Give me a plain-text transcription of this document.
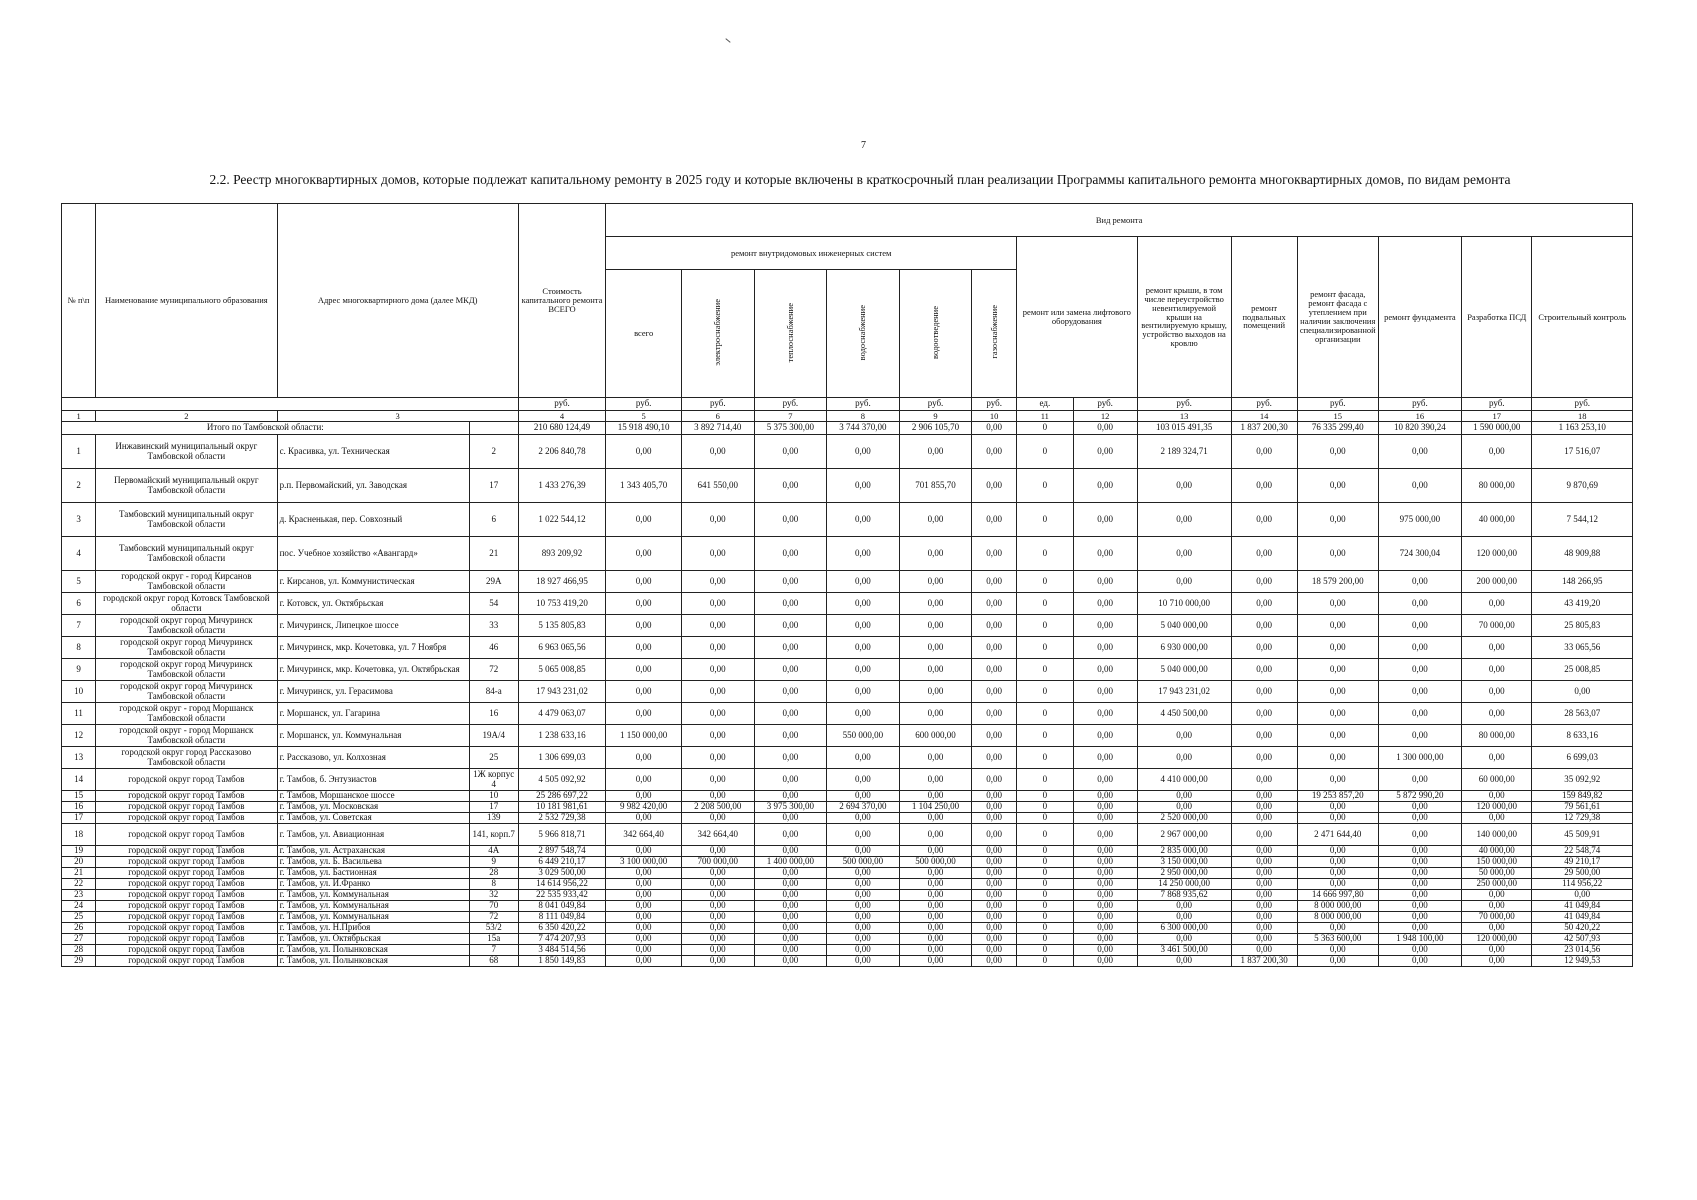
7
2.2. Реестр многоквартирных домов, которые подлежат капитальному ремонту в 2025 году и которые включены в краткосрочный план реализации Программы капитального ремонта многоквартирных домов, по видам ремонта
№ п\п	Наименование муниципального образования	Адрес многоквартирного дома (далее МКД)		Стоимость капитального ремонта ВСЕГО	Вид ремонта													
					ремонт внутридомовых инженерных систем						ремонт или замена лифтового оборудования		ремонт крыши, в том числе переустройство невентилируемой крыши на вентилируемую крышу, устройство выходов на кровлю	ремонт подвальных помещений	ремонт фасада, ремонт фасада с утеплением при наличии заключения специализированной организации	ремонт фундамента	Разработка ПСД	Строительный контроль
					всего	электроснабжение	теплоснабжение	водоснабжение	водоотведение	газоснабжение								
				руб.	руб.	руб.	руб.	руб.	руб.	руб.	ед.	руб.	руб.	руб.	руб.	руб.	руб.	руб.
1	2	3		4	5	6	7	8	9	10	11	12	13	14	15	16	17	18
Итого по Тамбовской области:				210 680 124,49	15 918 490,10	3 892 714,40	5 375 300,00	3 744 370,00	2 906 105,70	0,00	0	0,00	103 015 491,35	1 837 200,30	76 335 299,40	10 820 390,24	1 590 000,00	1 163 253,10
1	Инжавинский муниципальный округ Тамбовской области	с. Красивка, ул. Техническая	2	2 206 840,78	0,00	0,00	0,00	0,00	0,00	0,00	0	0,00	2 189 324,71	0,00	0,00	0,00	0,00	17 516,07
2	Первомайский муниципальный округ Тамбовской области	р.п. Первомайский, ул. Заводская	17	1 433 276,39	1 343 405,70	641 550,00	0,00	0,00	701 855,70	0,00	0	0,00	0,00	0,00	0,00	0,00	80 000,00	9 870,69
3	Тамбовский муниципальный округ Тамбовской области	д. Красненькая, пер. Совхозный	6	1 022 544,12	0,00	0,00	0,00	0,00	0,00	0,00	0	0,00	0,00	0,00	0,00	975 000,00	40 000,00	7 544,12
4	Тамбовский муниципальный округ Тамбовской области	пос. Учебное хозяйство «Авангард»	21	893 209,92	0,00	0,00	0,00	0,00	0,00	0,00	0	0,00	0,00	0,00	0,00	724 300,04	120 000,00	48 909,88
5	городской округ - город Кирсанов Тамбовской области	г. Кирсанов, ул. Коммунистическая	29А	18 927 466,95	0,00	0,00	0,00	0,00	0,00	0,00	0	0,00	0,00	0,00	18 579 200,00	0,00	200 000,00	148 266,95
6	городской округ город Котовск Тамбовской области	г. Котовск, ул. Октябрьская	54	10 753 419,20	0,00	0,00	0,00	0,00	0,00	0,00	0	0,00	10 710 000,00	0,00	0,00	0,00	0,00	43 419,20
7	городской округ город Мичуринск Тамбовской области	г. Мичуринск, Липецкое шоссе	33	5 135 805,83	0,00	0,00	0,00	0,00	0,00	0,00	0	0,00	5 040 000,00	0,00	0,00	0,00	70 000,00	25 805,83
8	городской округ город Мичуринск Тамбовской области	г. Мичуринск, мкр. Кочетовка, ул. 7 Ноября	46	6 963 065,56	0,00	0,00	0,00	0,00	0,00	0,00	0	0,00	6 930 000,00	0,00	0,00	0,00	0,00	33 065,56
9	городской округ город Мичуринск Тамбовской области	г. Мичуринск, мкр. Кочетовка, ул. Октябрьская	72	5 065 008,85	0,00	0,00	0,00	0,00	0,00	0,00	0	0,00	5 040 000,00	0,00	0,00	0,00	0,00	25 008,85
10	городской округ город Мичуринск Тамбовской области	г. Мичуринск, ул. Герасимова	84-а	17 943 231,02	0,00	0,00	0,00	0,00	0,00	0,00	0	0,00	17 943 231,02	0,00	0,00	0,00	0,00	0,00
11	городской округ - город Моршанск Тамбовской области	г. Моршанск, ул. Гагарина	16	4 479 063,07	0,00	0,00	0,00	0,00	0,00	0,00	0	0,00	4 450 500,00	0,00	0,00	0,00	0,00	28 563,07
12	городской округ - город Моршанск Тамбовской области	г. Моршанск, ул. Коммунальная	19А/4	1 238 633,16	1 150 000,00	0,00	0,00	550 000,00	600 000,00	0,00	0	0,00	0,00	0,00	0,00	0,00	80 000,00	8 633,16
13	городской округ город Рассказово Тамбовской области	г. Рассказово, ул. Колхозная	25	1 306 699,03	0,00	0,00	0,00	0,00	0,00	0,00	0	0,00	0,00	0,00	0,00	1 300 000,00	0,00	6 699,03
14	городской округ город Тамбов	г. Тамбов, б. Энтузиастов	1Ж корпус 4	4 505 092,92	0,00	0,00	0,00	0,00	0,00	0,00	0	0,00	4 410 000,00	0,00	0,00	0,00	60 000,00	35 092,92
15	городской округ город Тамбов	г. Тамбов, Моршанское шоссе	10	25 286 697,22	0,00	0,00	0,00	0,00	0,00	0,00	0	0,00	0,00	0,00	19 253 857,20	5 872 990,20	0,00	159 849,82
16	городской округ город Тамбов	г. Тамбов, ул. Московская	17	10 181 981,61	9 982 420,00	2 208 500,00	3 975 300,00	2 694 370,00	1 104 250,00	0,00	0	0,00	0,00	0,00	0,00	0,00	120 000,00	79 561,61
17	городской округ город Тамбов	г. Тамбов, ул. Советская	139	2 532 729,38	0,00	0,00	0,00	0,00	0,00	0,00	0	0,00	2 520 000,00	0,00	0,00	0,00	0,00	12 729,38
18	городской округ город Тамбов	г. Тамбов, ул. Авиационная	141, корп.7	5 966 818,71	342 664,40	342 664,40	0,00	0,00	0,00	0,00	0	0,00	2 967 000,00	0,00	2 471 644,40	0,00	140 000,00	45 509,91
19	городской округ город Тамбов	г. Тамбов, ул. Астраханская	4А	2 897 548,74	0,00	0,00	0,00	0,00	0,00	0,00	0	0,00	2 835 000,00	0,00	0,00	0,00	40 000,00	22 548,74
20	городской округ город Тамбов	г. Тамбов, ул. Б. Васильева	9	6 449 210,17	3 100 000,00	700 000,00	1 400 000,00	500 000,00	500 000,00	0,00	0	0,00	3 150 000,00	0,00	0,00	0,00	150 000,00	49 210,17
21	городской округ город Тамбов	г. Тамбов, ул. Бастионная	28	3 029 500,00	0,00	0,00	0,00	0,00	0,00	0,00	0	0,00	2 950 000,00	0,00	0,00	0,00	50 000,00	29 500,00
22	городской округ город Тамбов	г. Тамбов, ул. И.Франко	8	14 614 956,22	0,00	0,00	0,00	0,00	0,00	0,00	0	0,00	14 250 000,00	0,00	0,00	0,00	250 000,00	114 956,22
23	городской округ город Тамбов	г. Тамбов, ул. Коммунальная	32	22 535 933,42	0,00	0,00	0,00	0,00	0,00	0,00	0	0,00	7 868 935,62	0,00	14 666 997,80	0,00	0,00	0,00
24	городской округ город Тамбов	г. Тамбов, ул. Коммунальная	70	8 041 049,84	0,00	0,00	0,00	0,00	0,00	0,00	0	0,00	0,00	0,00	8 000 000,00	0,00	0,00	41 049,84
25	городской округ город Тамбов	г. Тамбов, ул. Коммунальная	72	8 111 049,84	0,00	0,00	0,00	0,00	0,00	0,00	0	0,00	0,00	0,00	8 000 000,00	0,00	70 000,00	41 049,84
26	городской округ город Тамбов	г. Тамбов, ул. Н.Прибоя	53/2	6 350 420,22	0,00	0,00	0,00	0,00	0,00	0,00	0	0,00	6 300 000,00	0,00	0,00	0,00	0,00	50 420,22
27	городской округ город Тамбов	г. Тамбов, ул. Октябрьская	15а	7 474 207,93	0,00	0,00	0,00	0,00	0,00	0,00	0	0,00	0,00	0,00	5 363 600,00	1 948 100,00	120 000,00	42 507,93
28	городской округ город Тамбов	г. Тамбов, ул. Полынковская	7	3 484 514,56	0,00	0,00	0,00	0,00	0,00	0,00	0	0,00	3 461 500,00	0,00	0,00	0,00	0,00	23 014,56
29	городской округ город Тамбов	г. Тамбов, ул. Полынковская	68	1 850 149,83	0,00	0,00	0,00	0,00	0,00	0,00	0	0,00	0,00	1 837 200,30	0,00	0,00	0,00	12 949,53
